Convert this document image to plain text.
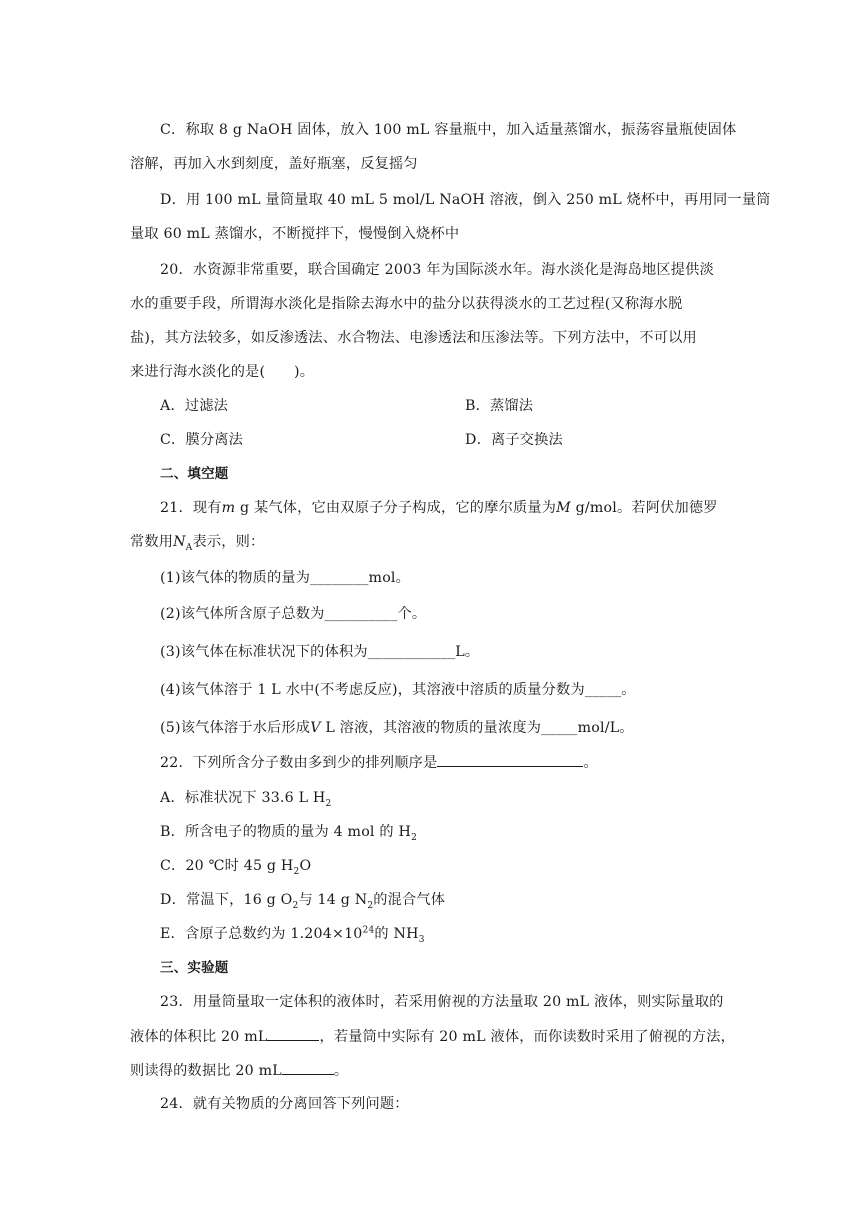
C．称取 8 g NaOH 固体，放入 100 mL 容量瓶中，加入适量蒸馏水，振荡容量瓶使固体
溶解，再加入水到刻度，盖好瓶塞，反复摇匀
D．用 100 mL 量筒量取 40 mL 5 mol/L NaOH 溶液，倒入 250 mL 烧杯中，再用同一量筒
量取 60 mL 蒸馏水，不断搅拌下，慢慢倒入烧杯中
20．水资源非常重要，联合国确定 2003 年为国际淡水年。海水淡化是海岛地区提供淡
水的重要手段，所谓海水淡化是指除去海水中的盐分以获得淡水的工艺过程(又称海水脱
盐)，其方法较多，如反渗透法、水合物法、电渗透法和压渗法等。下列方法中，不可以用
来进行海水淡化的是(　　)。
A．过滤法	B．蒸馏法
C．膜分离法	D．离子交换法
二、填空题
21．现有m g 某气体，它由双原子分子构成，它的摩尔质量为M g/mol。若阿伏加德罗
常数用$N_A$表示，则：
(1)该气体的物质的量为________mol。
(2)该气体所含原子总数为__________个。
(3)该气体在标准状况下的体积为____________L。
(4)该气体溶于 1 L 水中(不考虑反应)，其溶液中溶质的质量分数为_____。
(5)该气体溶于水后形成V L 溶液，其溶液的物质的量浓度为_____mol/L。
22．下列所含分子数由多到少的排列顺序是	。
A．标准状况下 33.6 L $H_2$
B．所含电子的物质的量为 4 mol 的 $H_2$
C．20 ℃时 45 g $H_2O$
D．常温下，16 g $O_2$与 14 g $N_2$的混合气体
E．含原子总数约为 $1.204\times 10^{24}$的 $NH_3$
三、实验题
23．用量筒量取一定体积的液体时，若采用俯视的方法量取 20 mL 液体，则实际量取的
液体的体积比 20 mL	，若量筒中实际有 20 mL 液体，而你读数时采用了俯视的方法，
则读得的数据比 20 mL	。
24．就有关物质的分离回答下列问题：
